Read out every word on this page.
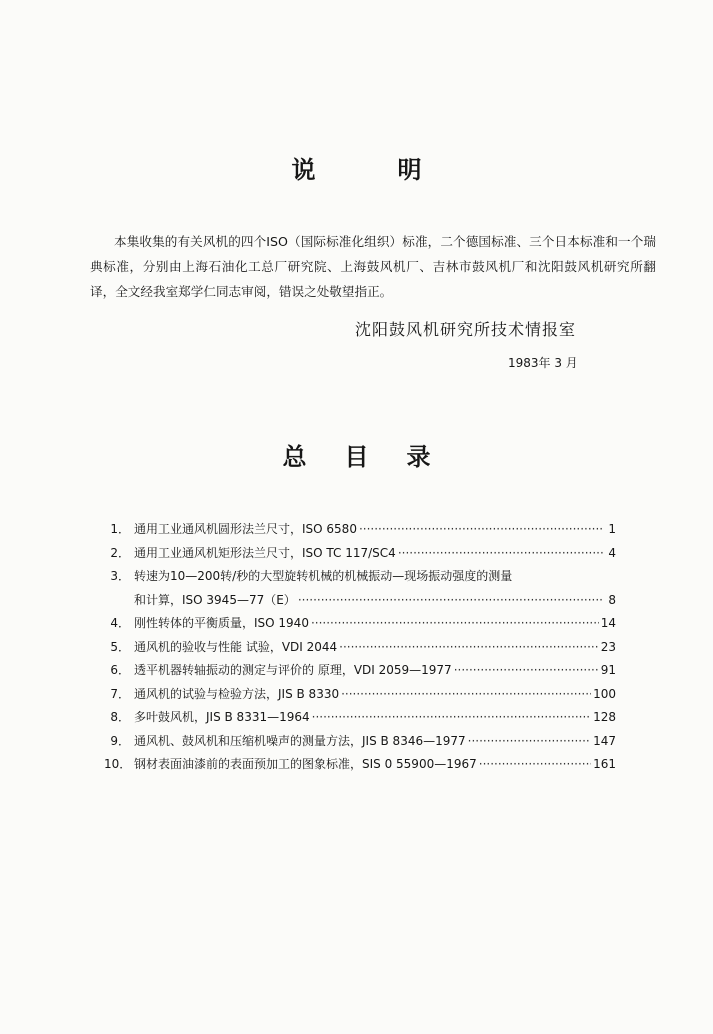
说	明
本集收集的有关风机的四个ISO（国际标准化组织）标准，二个德国标准、三个日本标准和一个瑞典标准，分别由上海石油化工总厂研究院、上海鼓风机厂、吉林市鼓风机厂和沈阳鼓风机研究所翻译，全文经我室郑学仁同志审阅，错误之处敬望指正。
沈阳鼓风机研究所技术情报室
1983年 3 月
总 目 录
1． 通用工业通风机圆形法兰尺寸，ISO 6580 ·····	1
2． 通用工业通风机矩形法兰尺寸，ISO TC 117/SC4 ·····	4
3． 转速为10—200转/秒的大型旋转机械的机械振动—现场振动强度的测量
和计算，ISO 3945—77（E） ·····	8
4． 刚性转体的平衡质量，ISO 1940 ·····	14
5． 通风机的验收与性能 试验，VDI 2044 ·····	23
6． 透平机器转轴振动的测定与评价的 原理，VDI 2059—1977 ·····	91
7． 通风机的试验与检验方法，JIS B 8330 ·····	100
8． 多叶鼓风机，JIS B 8331—1964 ·····	128
9． 通风机、鼓风机和压缩机噪声的测量方法，JIS B 8346—1977 ·····	147
10． 钢材表面油漆前的表面预加工的图象标准，SIS 0 55900—1967 ·····	161
